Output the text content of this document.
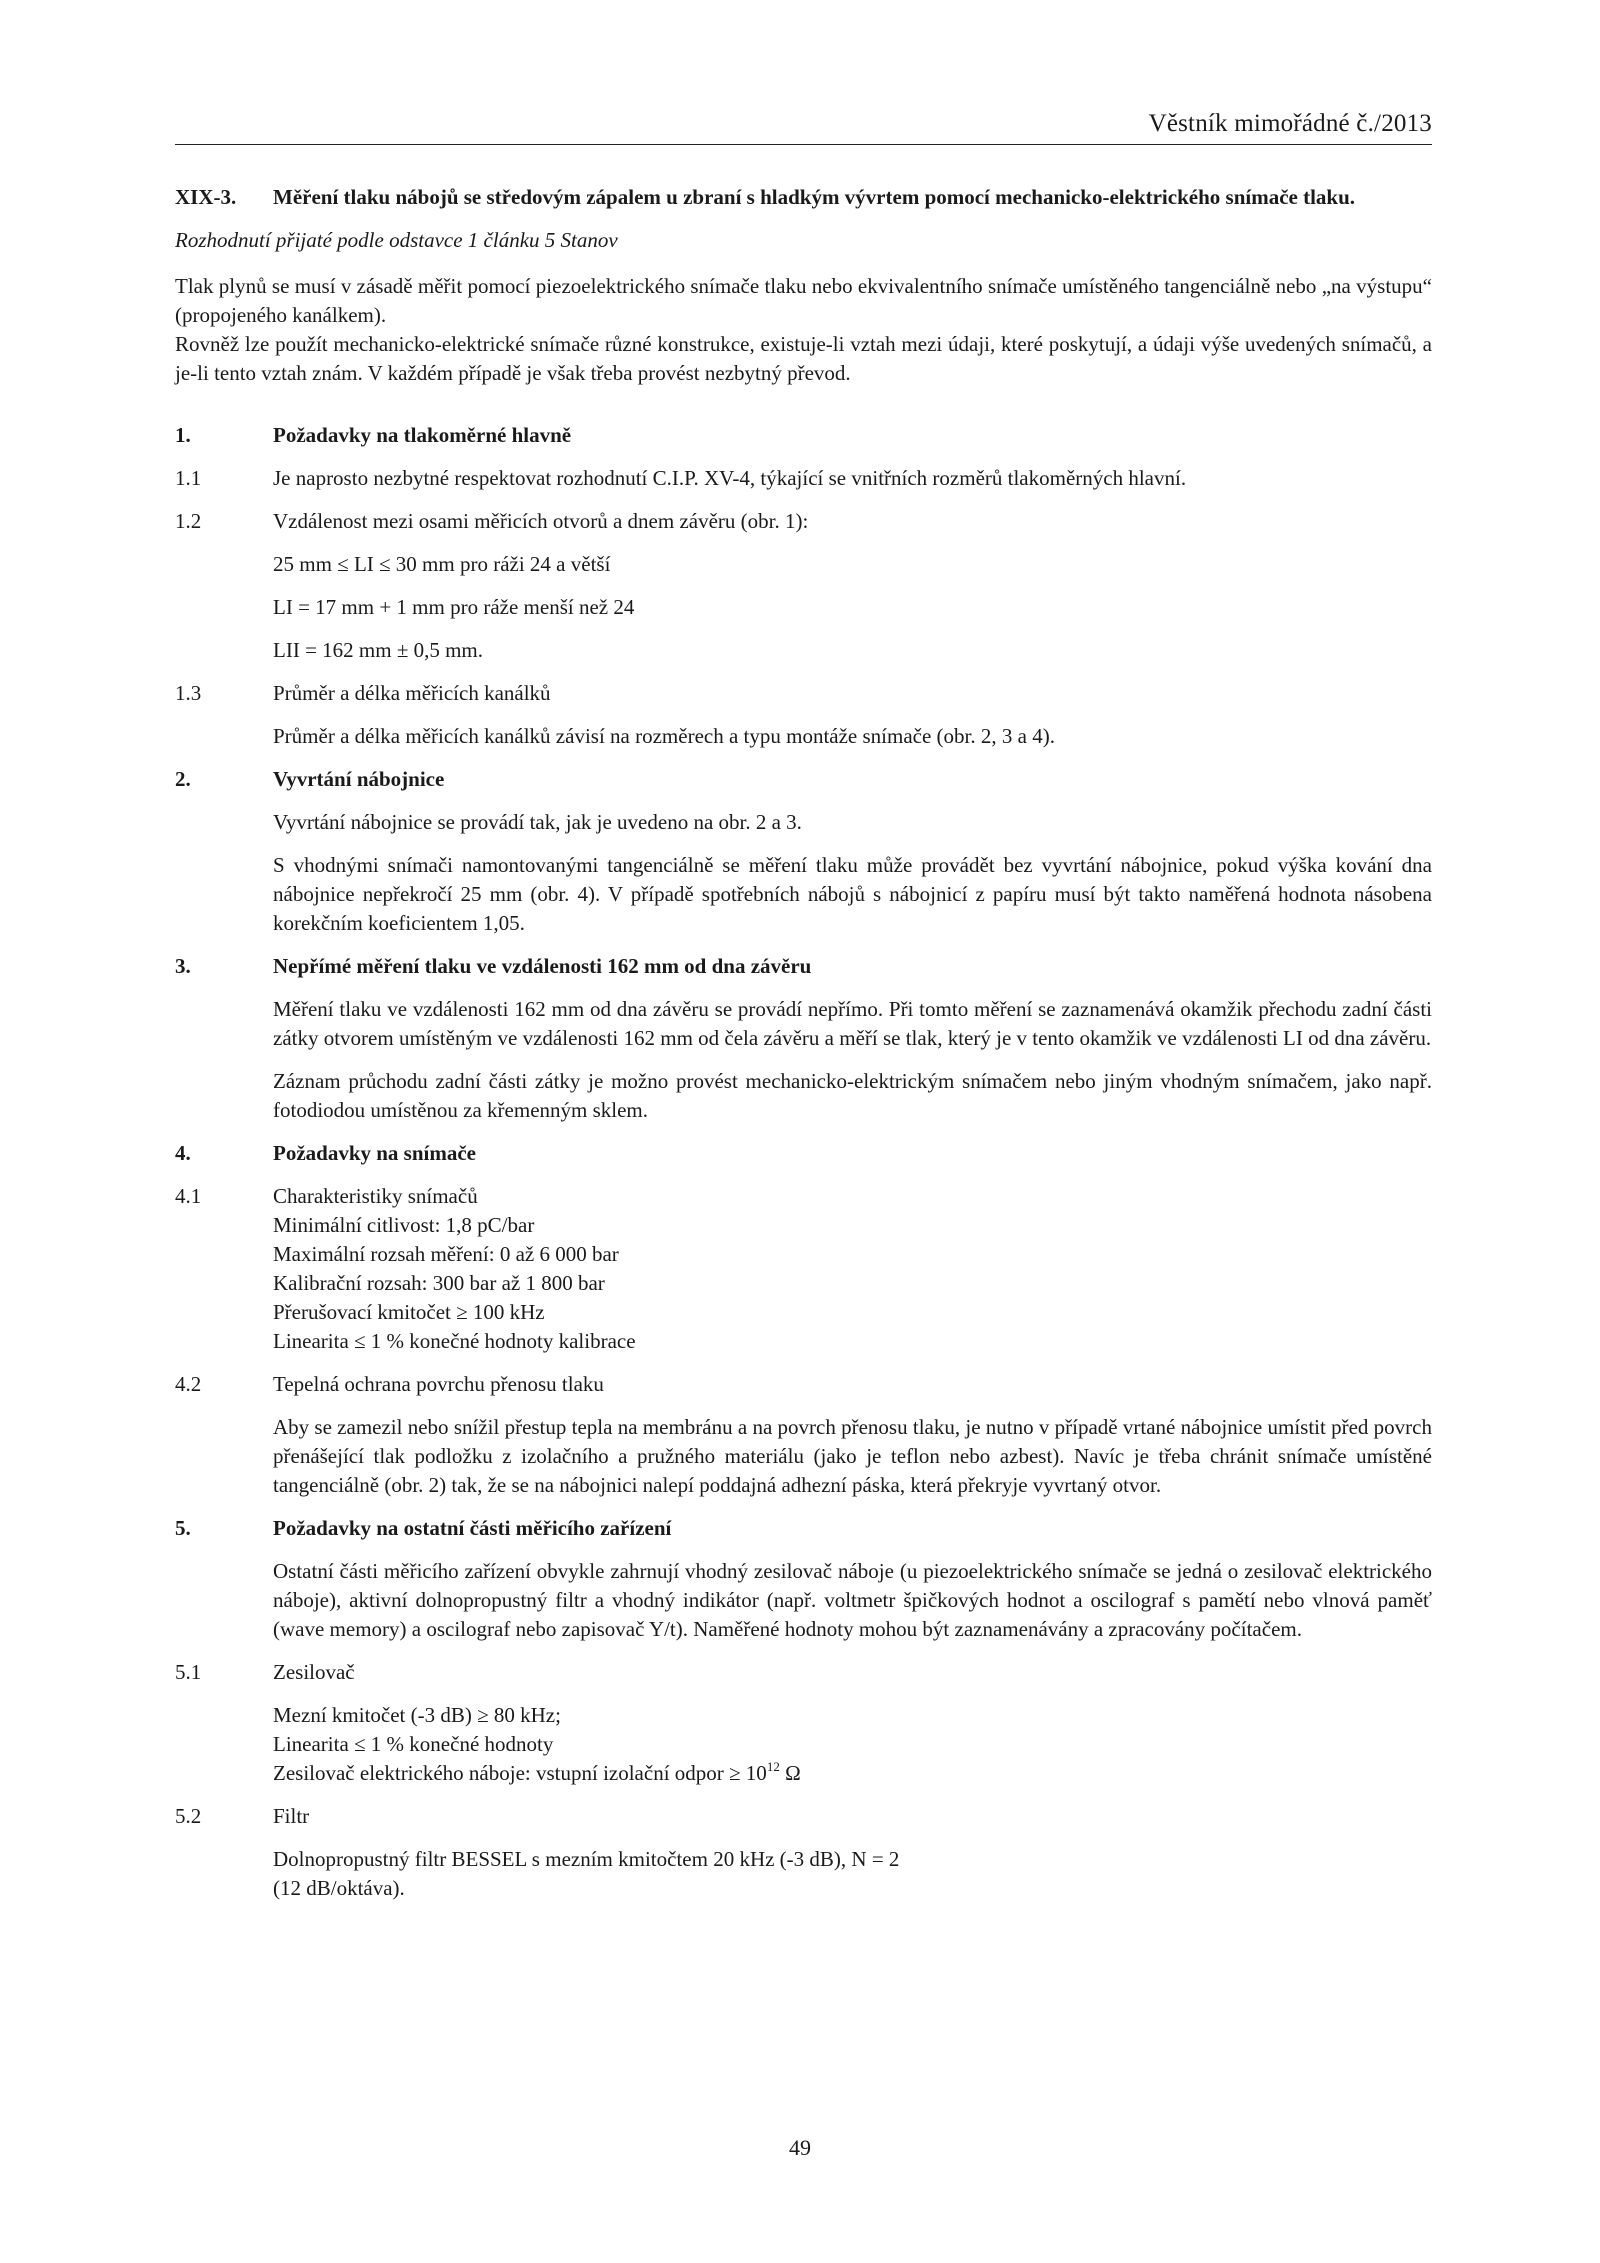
Věstník mimořádné č./2013
XIX-3.	Měření tlaku nábojů se středovým zápalem u zbraní s hladkým vývrtem pomocí mechanicko-elektrického snímače tlaku.
Rozhodnutí přijaté podle odstavce 1 článku 5 Stanov
Tlak plynů se musí v zásadě měřit pomocí piezoelektrického snímače tlaku nebo ekvivalentního snímače umístěného tangenciálně nebo „na výstupu“ (propojeného kanálkem).
Rovněž lze použít mechanicko-elektrické snímače různé konstrukce, existuje-li vztah mezi údaji, které poskytují, a údaji výše uvedených snímačů, a je-li tento vztah znám. V každém případě je však třeba provést nezbytný převod.
1.	Požadavky na tlakoměrné hlavně
1.1	Je naprosto nezbytné respektovat rozhodnutí C.I.P. XV-4, týkající se vnitřních rozměrů tlakoměrných hlavní.
1.2	Vzdálenost mezi osami měřicích otvorů a dnem závěru (obr. 1):
25 mm ≤ LI ≤ 30 mm pro ráži 24 a větší
LI = 17 mm + 1 mm pro ráže menší než 24
LII = 162 mm ± 0,5 mm.
1.3	Průměr a délka měřicích kanálků
Průměr a délka měřicích kanálků závisí na rozměrech a typu montáže snímače (obr. 2, 3 a 4).
2.	Vyvrtání nábojnice
Vyvrtání nábojnice se provádí tak, jak je uvedeno na obr. 2 a 3.
S vhodnými snímači namontovanými tangenciálně se měření tlaku může provádět bez vyvrtání nábojnice, pokud výška kování dna nábojnice nepřekročí 25 mm (obr. 4). V případě spotřebních nábojů s nábojnicí z papíru musí být takto naměřená hodnota násobena korekčním koeficientem 1,05.
3.	Nepřímé měření tlaku ve vzdálenosti 162 mm od dna závěru
Měření tlaku ve vzdálenosti 162 mm od dna závěru se provádí nepřímo. Při tomto měření se zaznamenává okamžik přechodu zadní části zátky otvorem umístěným ve vzdálenosti 162 mm od čela závěru a měří se tlak, který je v tento okamžik ve vzdálenosti LI od dna závěru.
Záznam průchodu zadní části zátky je možno provést mechanicko-elektrickým snímačem nebo jiným vhodným snímačem, jako např. fotodiodou umístěnou za křemenným sklem.
4.	Požadavky na snímače
4.1	Charakteristiky snímačů
Minimální citlivost: 1,8 pC/bar
Maximální rozsah měření: 0 až 6 000 bar
Kalibrační rozsah: 300 bar až 1 800 bar
Přerušovací kmitočet ≥ 100 kHz
Linearita ≤ 1 % konečné hodnoty kalibrace
4.2	Tepelná ochrana povrchu přenosu tlaku
Aby se zamezil nebo snížil přestup tepla na membránu a na povrch přenosu tlaku, je nutno v případě vrtané nábojnice umístit před povrch přenášející tlak podložku z izolačního a pružného materiálu (jako je teflon nebo azbest). Navíc je třeba chránit snímače umístěné tangenciálně (obr. 2) tak, že se na nábojnici nalepí poddajná adhezní páska, která překryje vyvrtaný otvor.
5.	Požadavky na ostatní části měřicího zařízení
Ostatní části měřicího zařízení obvykle zahrnují vhodný zesilovač náboje (u piezoelektrického snímače se jedná o zesilovač elektrického náboje), aktivní dolnopropustný filtr a vhodný indikátor (např. voltmetr špičkových hodnot a oscilograf s pamětí nebo vlnová paměť (wave memory) a oscilograf nebo zapisovač Y/t). Naměřené hodnoty mohou být zaznamenávány a zpracovány počítačem.
5.1	Zesilovač
Mezní kmitočet (-3 dB) ≥ 80 kHz;
Linearita ≤ 1 % konečné hodnoty
Zesilovač elektrického náboje: vstupní izolační odpor ≥ $10^{12}$ Ω
5.2	Filtr
Dolnopropustný filtr BESSEL s mezním kmitočtem 20 kHz (-3 dB), N = 2
(12 dB/oktáva).
49
